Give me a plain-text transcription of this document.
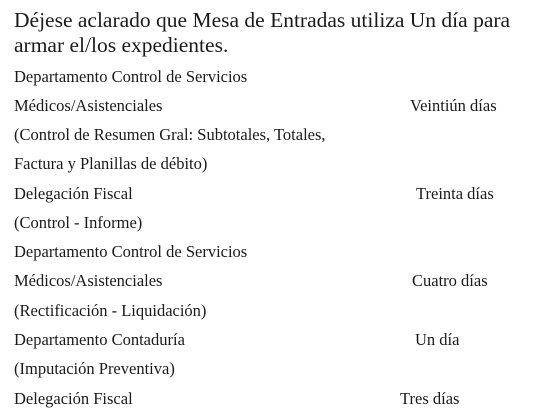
Déjese aclarado que Mesa de Entradas utiliza Un día para armar el/los expedientes.

Departamento Control de Servicios
Médicos/Asistenciales	Veintiún días
(Control de Resumen Gral: Subtotales, Totales,
Factura y Planillas de débito)
Delegación Fiscal	Treinta días
(Control - Informe)
Departamento Control de Servicios
Médicos/Asistenciales	Cuatro días
(Rectificación - Liquidación)
Departamento Contaduría	Un día
(Imputación Preventiva)
Delegación Fiscal	Tres días
